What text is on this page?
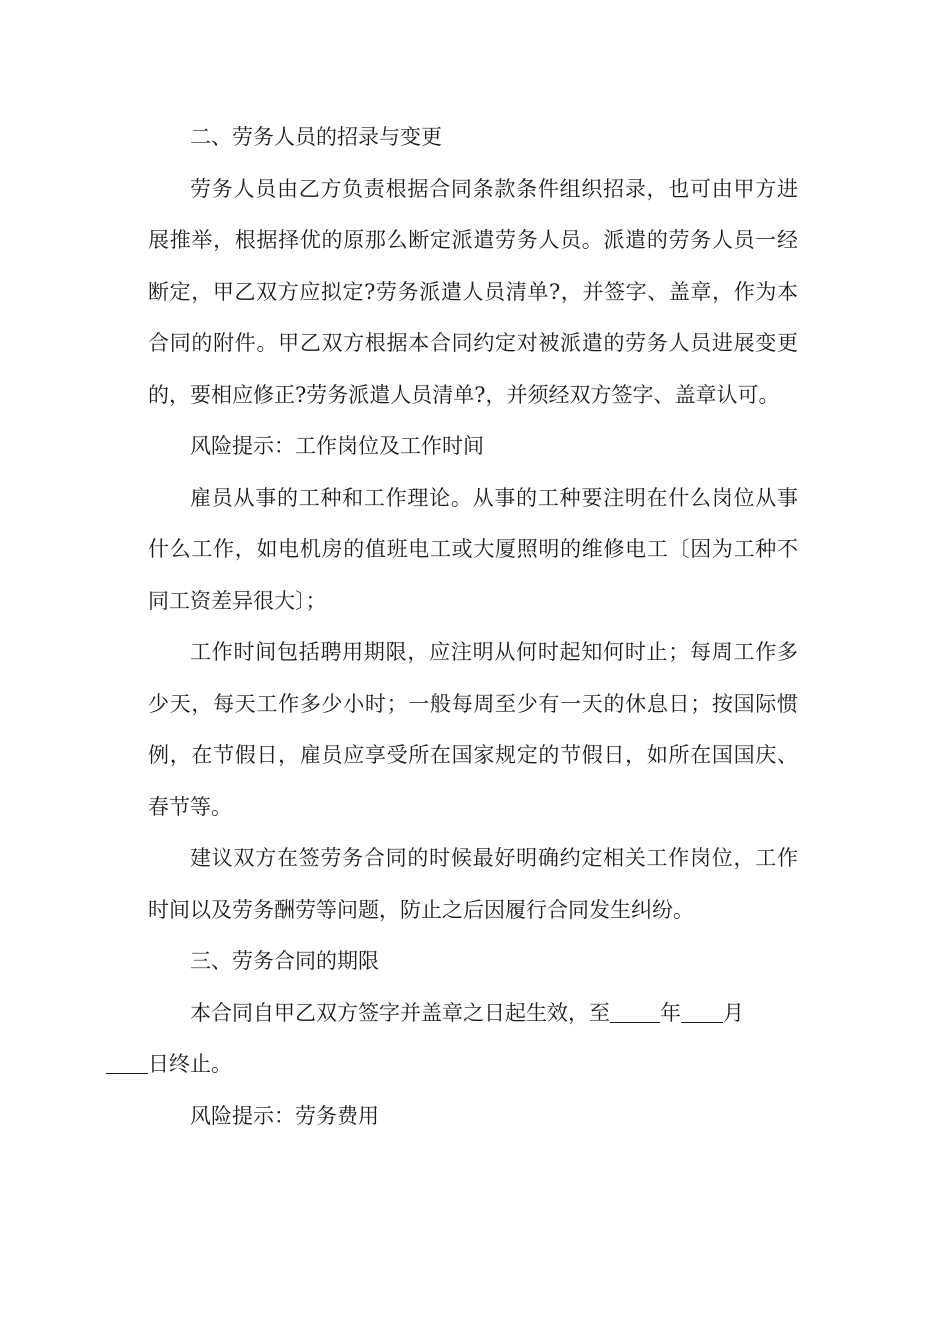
二、劳务人员的招录与变更

劳务人员由乙方负责根据合同条款条件组织招录，也可由甲方进展推举，根据择优的原那么断定派遣劳务人员。派遣的劳务人员一经断定，甲乙双方应拟定?劳务派遣人员清单?，并签字、盖章，作为本合同的附件。甲乙双方根据本合同约定对被派遣的劳务人员进展变更的，要相应修正?劳务派遣人员清单?，并须经双方签字、盖章认可。

风险提示：工作岗位及工作时间

雇员从事的工种和工作理论。从事的工种要注明在什么岗位从事什么工作，如电机房的值班电工或大厦照明的维修电工〔因为工种不同工资差异很大〕；

工作时间包括聘用期限，应注明从何时起知何时止；每周工作多少天，每天工作多少小时；一般每周至少有一天的休息日；按国际惯例，在节假日，雇员应享受所在国家规定的节假日，如所在国国庆、春节等。

建议双方在签劳务合同的时候最好明确约定相关工作岗位，工作时间以及劳务酬劳等问题，防止之后因履行合同发生纠纷。

三、劳务合同的期限

本合同自甲乙双方签字并盖章之日起生效，至 年 月
日终止。

风险提示：劳务费用
